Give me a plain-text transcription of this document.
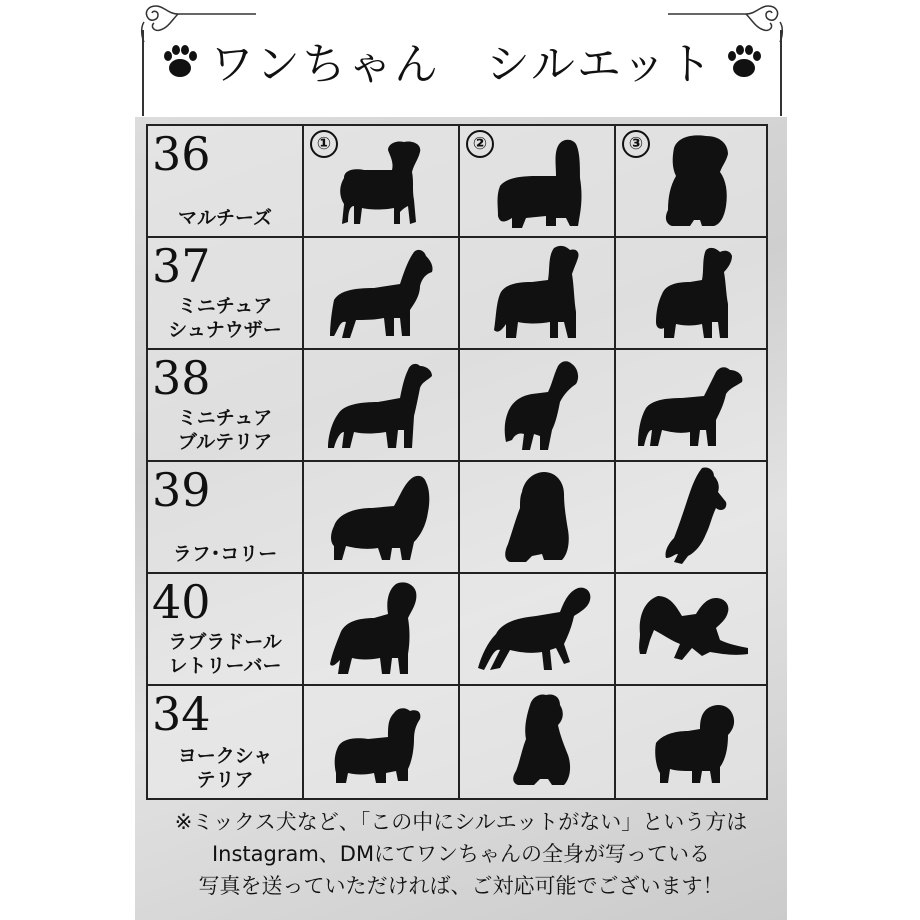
ワンちゃん　シルエット
36
マルチーズ
①	②	③
37
ミニチュア
シュナウザー
38
ミニチュア
ブルテリア
39
ラフ･コリー
40
ラブラドール
レトリーバー
34
ヨークシャ
テリア
※ミックス犬など、「この中にシルエットがない」という方は
Instagram、DMにてワンちゃんの全身が写っている
写真を送っていただければ、ご対応可能でございます！
